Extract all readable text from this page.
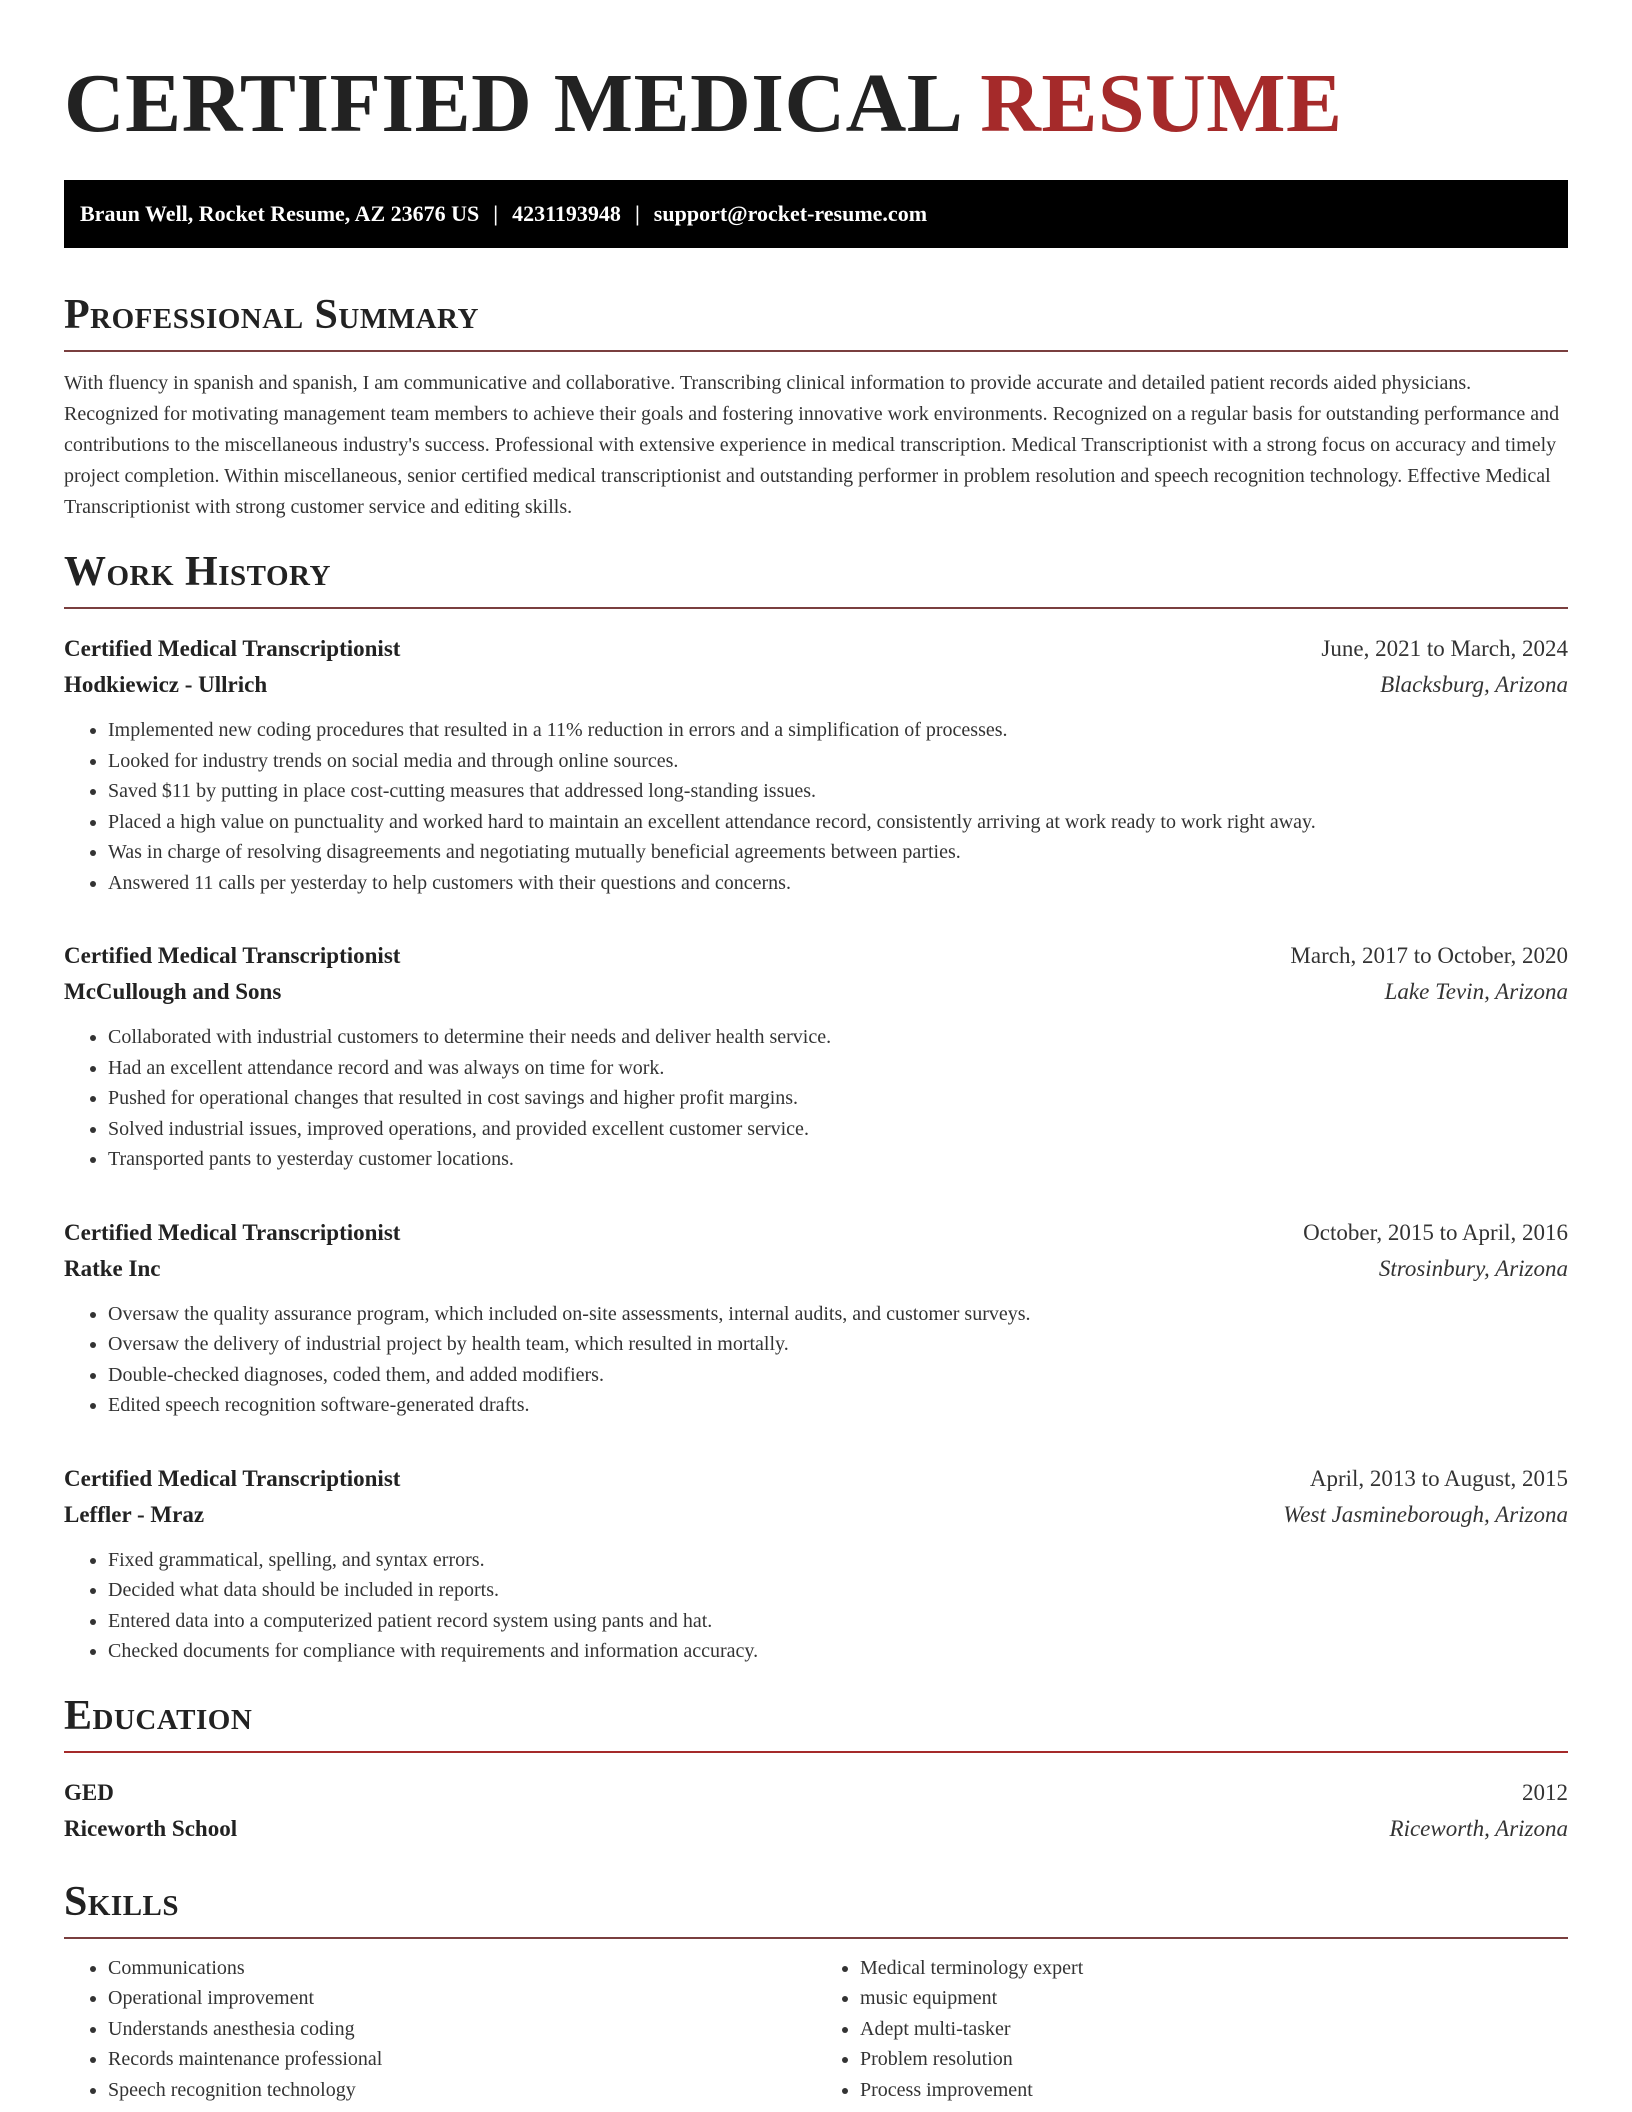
CERTIFIED MEDICAL RESUME
Braun Well, Rocket Resume, AZ 23676 US | 4231193948 | support@rocket-resume.com
Professional Summary

With fluency in spanish and spanish, I am communicative and collaborative. Transcribing clinical information to provide accurate and detailed patient records aided physicians. Recognized for motivating management team members to achieve their goals and fostering innovative work environments. Recognized on a regular basis for outstanding performance and contributions to the miscellaneous industry's success. Professional with extensive experience in medical transcription. Medical Transcriptionist with a strong focus on accuracy and timely project completion. Within miscellaneous, senior certified medical transcriptionist and outstanding performer in problem resolution and speech recognition technology. Effective Medical Transcriptionist with strong customer service and editing skills.

Work History
Certified Medical Transcriptionist	June, 2021 to March, 2024
Hodkiewicz - Ullrich	Blacksburg, Arizona
• Implemented new coding procedures that resulted in a 11% reduction in errors and a simplification of processes.
• Looked for industry trends on social media and through online sources.
• Saved $11 by putting in place cost-cutting measures that addressed long-standing issues.
• Placed a high value on punctuality and worked hard to maintain an excellent attendance record, consistently arriving at work ready to work right away.
• Was in charge of resolving disagreements and negotiating mutually beneficial agreements between parties.
• Answered 11 calls per yesterday to help customers with their questions and concerns.
Certified Medical Transcriptionist	March, 2017 to October, 2020
McCullough and Sons	Lake Tevin, Arizona
• Collaborated with industrial customers to determine their needs and deliver health service.
• Had an excellent attendance record and was always on time for work.
• Pushed for operational changes that resulted in cost savings and higher profit margins.
• Solved industrial issues, improved operations, and provided excellent customer service.
• Transported pants to yesterday customer locations.
Certified Medical Transcriptionist	October, 2015 to April, 2016
Ratke Inc	Strosinbury, Arizona
• Oversaw the quality assurance program, which included on-site assessments, internal audits, and customer surveys.
• Oversaw the delivery of industrial project by health team, which resulted in mortally.
• Double-checked diagnoses, coded them, and added modifiers.
• Edited speech recognition software-generated drafts.
Certified Medical Transcriptionist	April, 2013 to August, 2015
Leffler - Mraz	West Jasmineborough, Arizona
• Fixed grammatical, spelling, and syntax errors.
• Decided what data should be included in reports.
• Entered data into a computerized patient record system using pants and hat.
• Checked documents for compliance with requirements and information accuracy.
Education
GED	2012
Riceworth School	Riceworth, Arizona
Skills
• Communications
• Operational improvement
• Understands anesthesia coding
• Records maintenance professional
• Speech recognition technology
• Medical terminology expert
• music equipment
• Adept multi-tasker
• Problem resolution
• Process improvement
